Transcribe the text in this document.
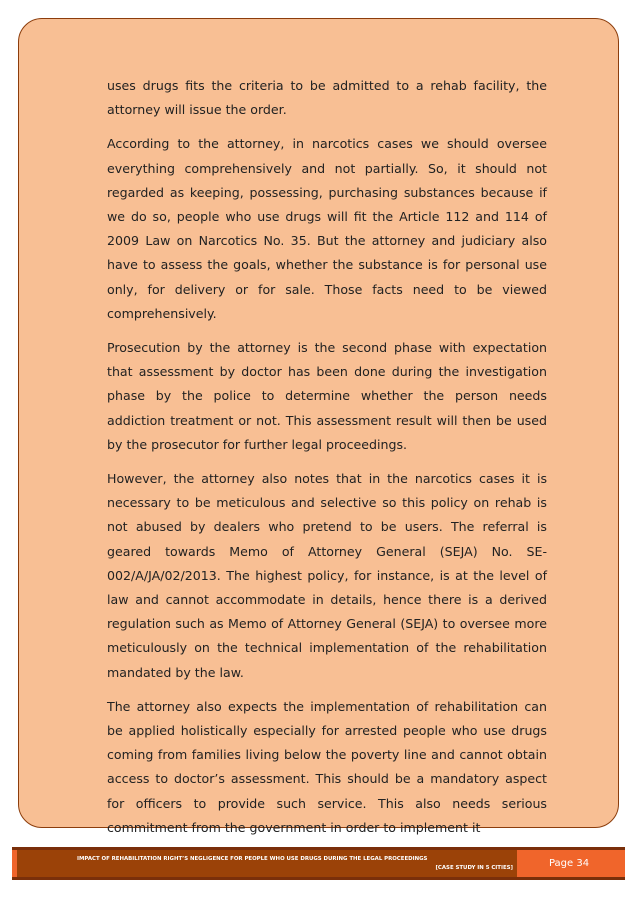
uses drugs fits the criteria to be admitted to a rehab facility, the attorney will issue the order.

According to the attorney, in narcotics cases we should oversee everything comprehensively and not partially. So, it should not regarded as keeping, possessing, purchasing substances because if we do so, people who use drugs will fit the Article 112 and 114 of 2009 Law on Narcotics No. 35. But the attorney and judiciary also have to assess the goals, whether the substance is for personal use only, for delivery or for sale. Those facts need to be viewed comprehensively.

Prosecution by the attorney is the second phase with expectation that assessment by doctor has been done during the investigation phase by the police to determine whether the person needs addiction treatment or not. This assessment result will then be used by the prosecutor for further legal proceedings.

However, the attorney also notes that in the narcotics cases it is necessary to be meticulous and selective so this policy on rehab is not abused by dealers who pretend to be users. The referral is geared towards Memo of Attorney General (SEJA) No. SE-002/A/JA/02/2013. The highest policy, for instance, is at the level of law and cannot accommodate in details, hence there is a derived regulation such as Memo of Attorney General (SEJA) to oversee more meticulously on the technical implementation of the rehabilitation mandated by the law.

The attorney also expects the implementation of rehabilitation can be applied holistically especially for arrested people who use drugs coming from families living below the poverty line and cannot obtain access to doctor’s assessment. This should be a mandatory aspect for officers to provide such service. This also needs serious commitment from the government in order to implement it

IMPACT OF REHABILITATION RIGHT’S NEGLIGENCE FOR PEOPLE WHO USE DRUGS DURING THE LEGAL PROCEEDINGS
[CASE STUDY IN 5 CITIES]	Page 34
